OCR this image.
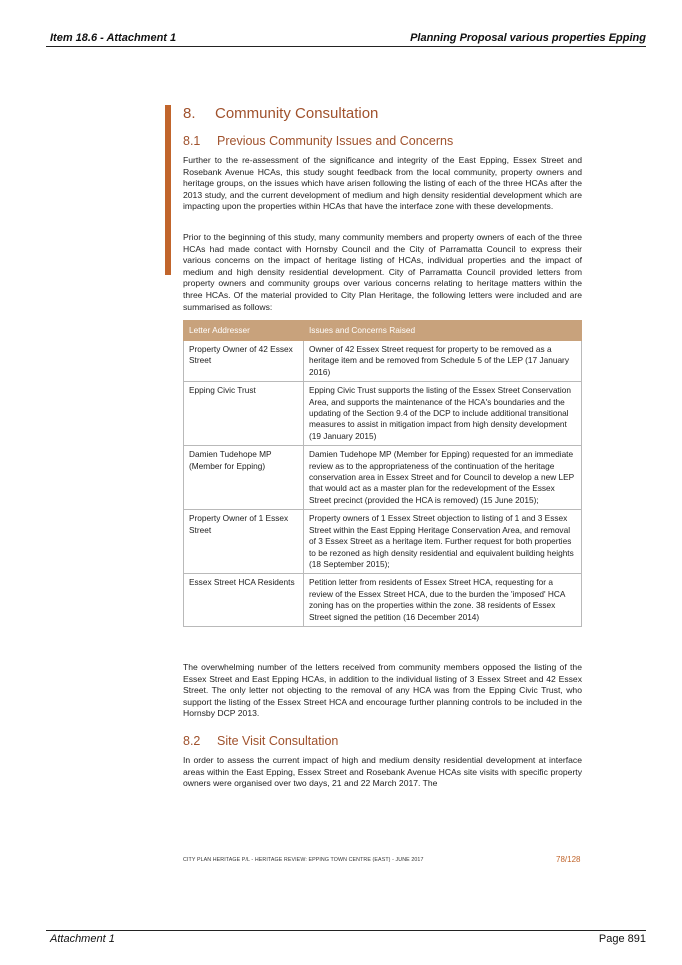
Item 18.6 - Attachment 1	Planning Proposal various properties Epping
8. Community Consultation
8.1 Previous Community Issues and Concerns

Further to the re-assessment of the significance and integrity of the East Epping, Essex Street and Rosebank Avenue HCAs, this study sought feedback from the local community, property owners and heritage groups, on the issues which have arisen following the listing of each of the three HCAs after the 2013 study, and the current development of medium and high density residential development which are impacting upon the properties within HCAs that have the interface zone with these developments.

Prior to the beginning of this study, many community members and property owners of each of the three HCAs had made contact with Hornsby Council and the City of Parramatta Council to express their various concerns on the impact of heritage listing of HCAs, individual properties and the impact of medium and high density residential development. City of Parramatta Council provided letters from property owners and community groups over various concerns relating to heritage matters within the three HCAs. Of the material provided to City Plan Heritage, the following letters were included and are summarised as follows:

Letter Addresser	Issues and Concerns Raised
Property Owner of 42 Essex Street	Owner of 42 Essex Street request for property to be removed as a heritage item and be removed from Schedule 5 of the LEP (17 January 2016)
Epping Civic Trust	Epping Civic Trust supports the listing of the Essex Street Conservation Area, and supports the maintenance of the HCA's boundaries and the updating of the Section 9.4 of the DCP to include additional transitional measures to assist in mitigation impact from high density development (19 January 2015)
Damien Tudehope MP (Member for Epping)	Damien Tudehope MP (Member for Epping) requested for an immediate review as to the appropriateness of the continuation of the heritage conservation area in Essex Street and for Council to develop a new LEP that would act as a master plan for the redevelopment of the Essex Street precinct (provided the HCA is removed) (15 June 2015);
Property Owner of 1 Essex Street	Property owners of 1 Essex Street objection to listing of 1 and 3 Essex Street within the East Epping Heritage Conservation Area, and removal of 3 Essex Street as a heritage item. Further request for both properties to be rezoned as high density residential and equivalent building heights (18 September 2015);
Essex Street HCA Residents	Petition letter from residents of Essex Street HCA, requesting for a review of the Essex Street HCA, due to the burden the 'imposed' HCA zoning has on the properties within the zone. 38 residents of Essex Street signed the petition (16 December 2014)

The overwhelming number of the letters received from community members opposed the listing of the Essex Street and East Epping HCAs, in addition to the individual listing of 3 Essex Street and 42 Essex Street. The only letter not objecting to the removal of any HCA was from the Epping Civic Trust, who support the listing of the Essex Street HCA and encourage further planning controls to be included in the Hornsby DCP 2013.

8.2 Site Visit Consultation

In order to assess the current impact of high and medium density residential development at interface areas within the East Epping, Essex Street and Rosebank Avenue HCAs site visits with specific property owners were organised over two days, 21 and 22 March 2017. The

CITY PLAN HERITAGE P/L - HERITAGE REVIEW: EPPING TOWN CENTRE (EAST) - JUNE 2017	78/128
Attachment 1	Page 891
